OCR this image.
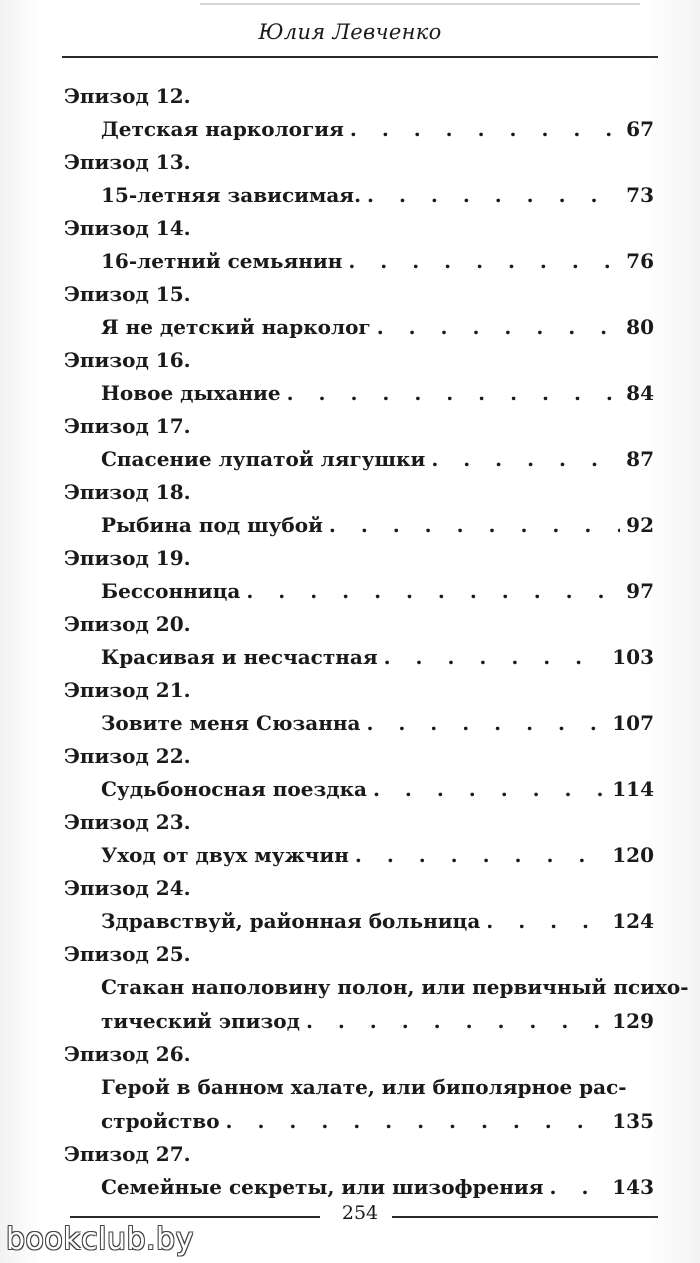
Юлия Левченко
Эпизод 12.
Детская наркология . . .	67
Эпизод 13.
15-летняя зависимая. . . .	73
Эпизод 14.
16-летний семьянин . . .	76
Эпизод 15.
Я не детский нарколог . . .	80
Эпизод 16.
Новое дыхание . . .	84
Эпизод 17.
Спасение лупатой лягушки . . .	87
Эпизод 18.
Рыбина под шубой . . .	92
Эпизод 19.
Бессонница . . .	97
Эпизод 20.
Красивая и несчастная . . .	103
Эпизод 21.
Зовите меня Сюзанна . . .	107
Эпизод 22.
Судьбоносная поездка . . .	114
Эпизод 23.
Уход от двух мужчин . . .	120
Эпизод 24.
Здравствуй, районная больница . . .	124
Эпизод 25.
Стакан наполовину полон, или первичный психо-
тический эпизод . . .	129
Эпизод 26.
Герой в банном халате, или биполярное рас-
стройство . . .	135
Эпизод 27.
Семейные секреты, или шизофрения . . .	143
254
bookclub.by
